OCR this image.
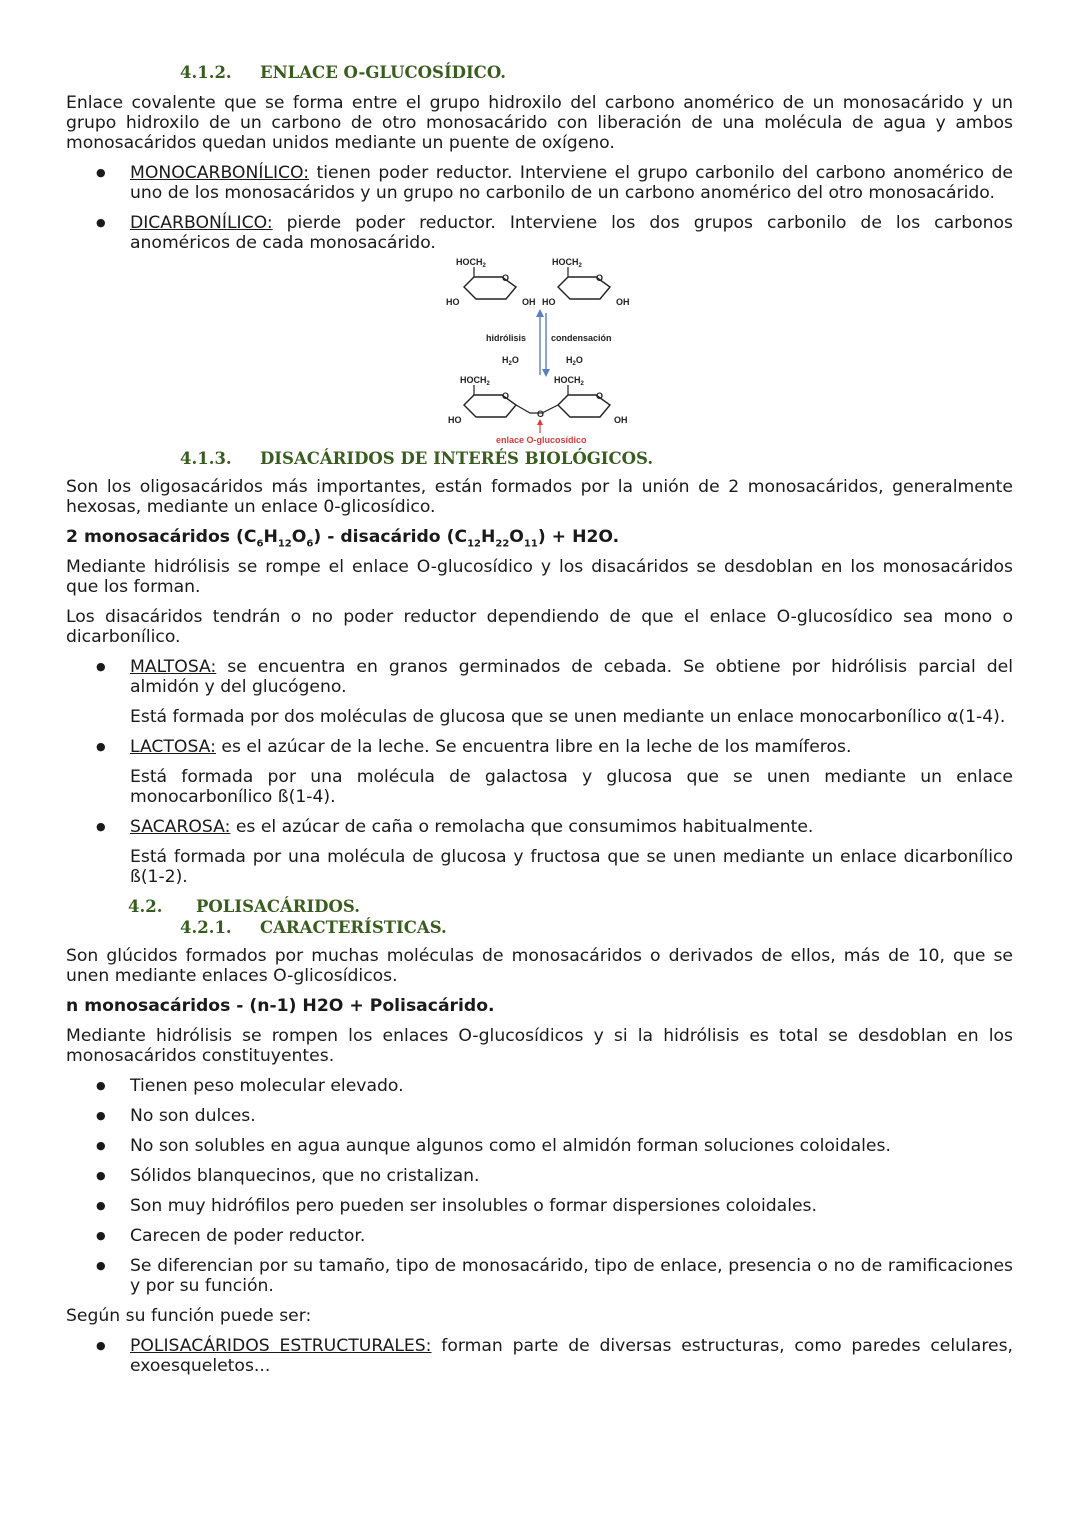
4.1.2. ENLACE O-GLUCOSÍDICO.

Enlace covalente que se forma entre el grupo hidroxilo del carbono anomérico de un monosacárido y un grupo hidroxilo de un carbono de otro monosacárido con liberación de una molécula de agua y ambos monosacáridos quedan unidos mediante un puente de oxígeno.

● MONOCARBONÍLICO: tienen poder reductor. Interviene el grupo carbonilo del carbono anomérico de uno de los monosacáridos y un grupo no carbonilo de un carbono anomérico del otro monosacárido.
● DICARBONÍLICO: pierde poder reductor. Interviene los dos grupos carbonilo de los carbonos anoméricos de cada monosacárido.
$HOCH_2$
O
HO	OH
$HOCH_2$
O
HO	OH
hidrólisis	condensación
$H_2O$	$H_2O$
$HOCH_2$
O
HO
$HOCH_2$
O
OH
O
enlace O-glucosídico
4.1.3. DISACÁRIDOS DE INTERÉS BIOLÓGICOS.

Son los oligosacáridos más importantes, están formados por la unión de 2 monosacáridos, generalmente hexosas, mediante un enlace 0-glicosídico.

2 monosacáridos $(C_6H_{12}O_6)$ - disacárido $(C_{12}H_{22}O_{11}) + H2O$.

Mediante hidrólisis se rompe el enlace O-glucosídico y los disacáridos se desdoblan en los monosacáridos que los forman.

Los disacáridos tendrán o no poder reductor dependiendo de que el enlace O-glucosídico sea mono o dicarbonílico.

● MALTOSA: se encuentra en granos germinados de cebada. Se obtiene por hidrólisis parcial del almidón y del glucógeno.

Está formada por dos moléculas de glucosa que se unen mediante un enlace monocarbonílico α(1-4).

● LACTOSA: es el azúcar de la leche. Se encuentra libre en la leche de los mamíferos.

Está formada por una molécula de galactosa y glucosa que se unen mediante un enlace monocarbonílico ß(1-4).

● SACAROSA: es el azúcar de caña o remolacha que consumimos habitualmente.

Está formada por una molécula de glucosa y fructosa que se unen mediante un enlace dicarbonílico ß(1-2).

4.2. POLISACÁRIDOS.
4.2.1. CARACTERÍSTICAS.

Son glúcidos formados por muchas moléculas de monosacáridos o derivados de ellos, más de 10, que se unen mediante enlaces O-glicosídicos.

n monosacáridos - (n-1) H2O + Polisacárido.

Mediante hidrólisis se rompen los enlaces O-glucosídicos y si la hidrólisis es total se desdoblan en los monosacáridos constituyentes.

● Tienen peso molecular elevado.
● No son dulces.
● No son solubles en agua aunque algunos como el almidón forman soluciones coloidales.
● Sólidos blanquecinos, que no cristalizan.
● Son muy hidrófilos pero pueden ser insolubles o formar dispersiones coloidales.
● Carecen de poder reductor.
● Se diferencian por su tamaño, tipo de monosacárido, tipo de enlace, presencia o no de ramificaciones y por su función.

Según su función puede ser:

● POLISACÁRIDOS ESTRUCTURALES: forman parte de diversas estructuras, como paredes celulares, exoesqueletos...
